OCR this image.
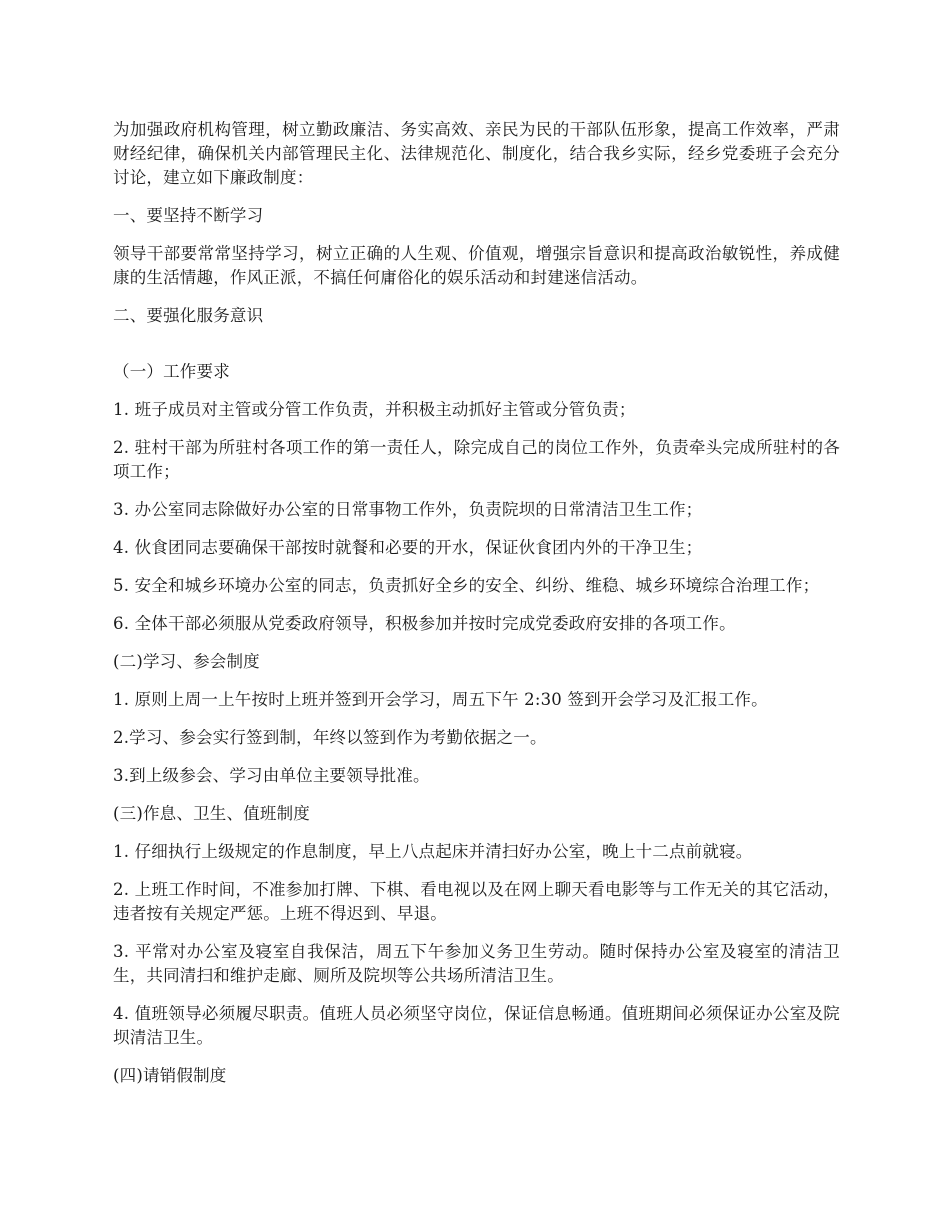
为加强政府机构管理，树立勤政廉洁、务实高效、亲民为民的干部队伍形象，提高工作效率，严肃财经纪律，确保机关内部管理民主化、法律规范化、制度化，结合我乡实际，经乡党委班子会充分讨论，建立如下廉政制度：

一、要坚持不断学习

领导干部要常常坚持学习，树立正确的人生观、价值观，增强宗旨意识和提高政治敏锐性，养成健康的生活情趣，作风正派，不搞任何庸俗化的娱乐活动和封建迷信活动。

二、要强化服务意识

（一）工作要求

1. 班子成员对主管或分管工作负责，并积极主动抓好主管或分管负责；

2. 驻村干部为所驻村各项工作的第一责任人，除完成自己的岗位工作外，负责牵头完成所驻村的各项工作；

3. 办公室同志除做好办公室的日常事物工作外，负责院坝的日常清洁卫生工作；

4. 伙食团同志要确保干部按时就餐和必要的开水，保证伙食团内外的干净卫生；

5. 安全和城乡环境办公室的同志，负责抓好全乡的安全、纠纷、维稳、城乡环境综合治理工作；

6. 全体干部必须服从党委政府领导，积极参加并按时完成党委政府安排的各项工作。

(二)学习、参会制度

1. 原则上周一上午按时上班并签到开会学习，周五下午 2:30 签到开会学习及汇报工作。

2.学习、参会实行签到制，年终以签到作为考勤依据之一。

3.到上级参会、学习由单位主要领导批准。

(三)作息、卫生、值班制度

1. 仔细执行上级规定的作息制度，早上八点起床并清扫好办公室，晚上十二点前就寝。

2. 上班工作时间，不准参加打牌、下棋、看电视以及在网上聊天看电影等与工作无关的其它活动，违者按有关规定严惩。上班不得迟到、早退。

3. 平常对办公室及寝室自我保洁，周五下午参加义务卫生劳动。随时保持办公室及寝室的清洁卫生，共同清扫和维护走廊、厕所及院坝等公共场所清洁卫生。

4. 值班领导必须履尽职责。值班人员必须坚守岗位，保证信息畅通。值班期间必须保证办公室及院坝清洁卫生。

(四)请销假制度
